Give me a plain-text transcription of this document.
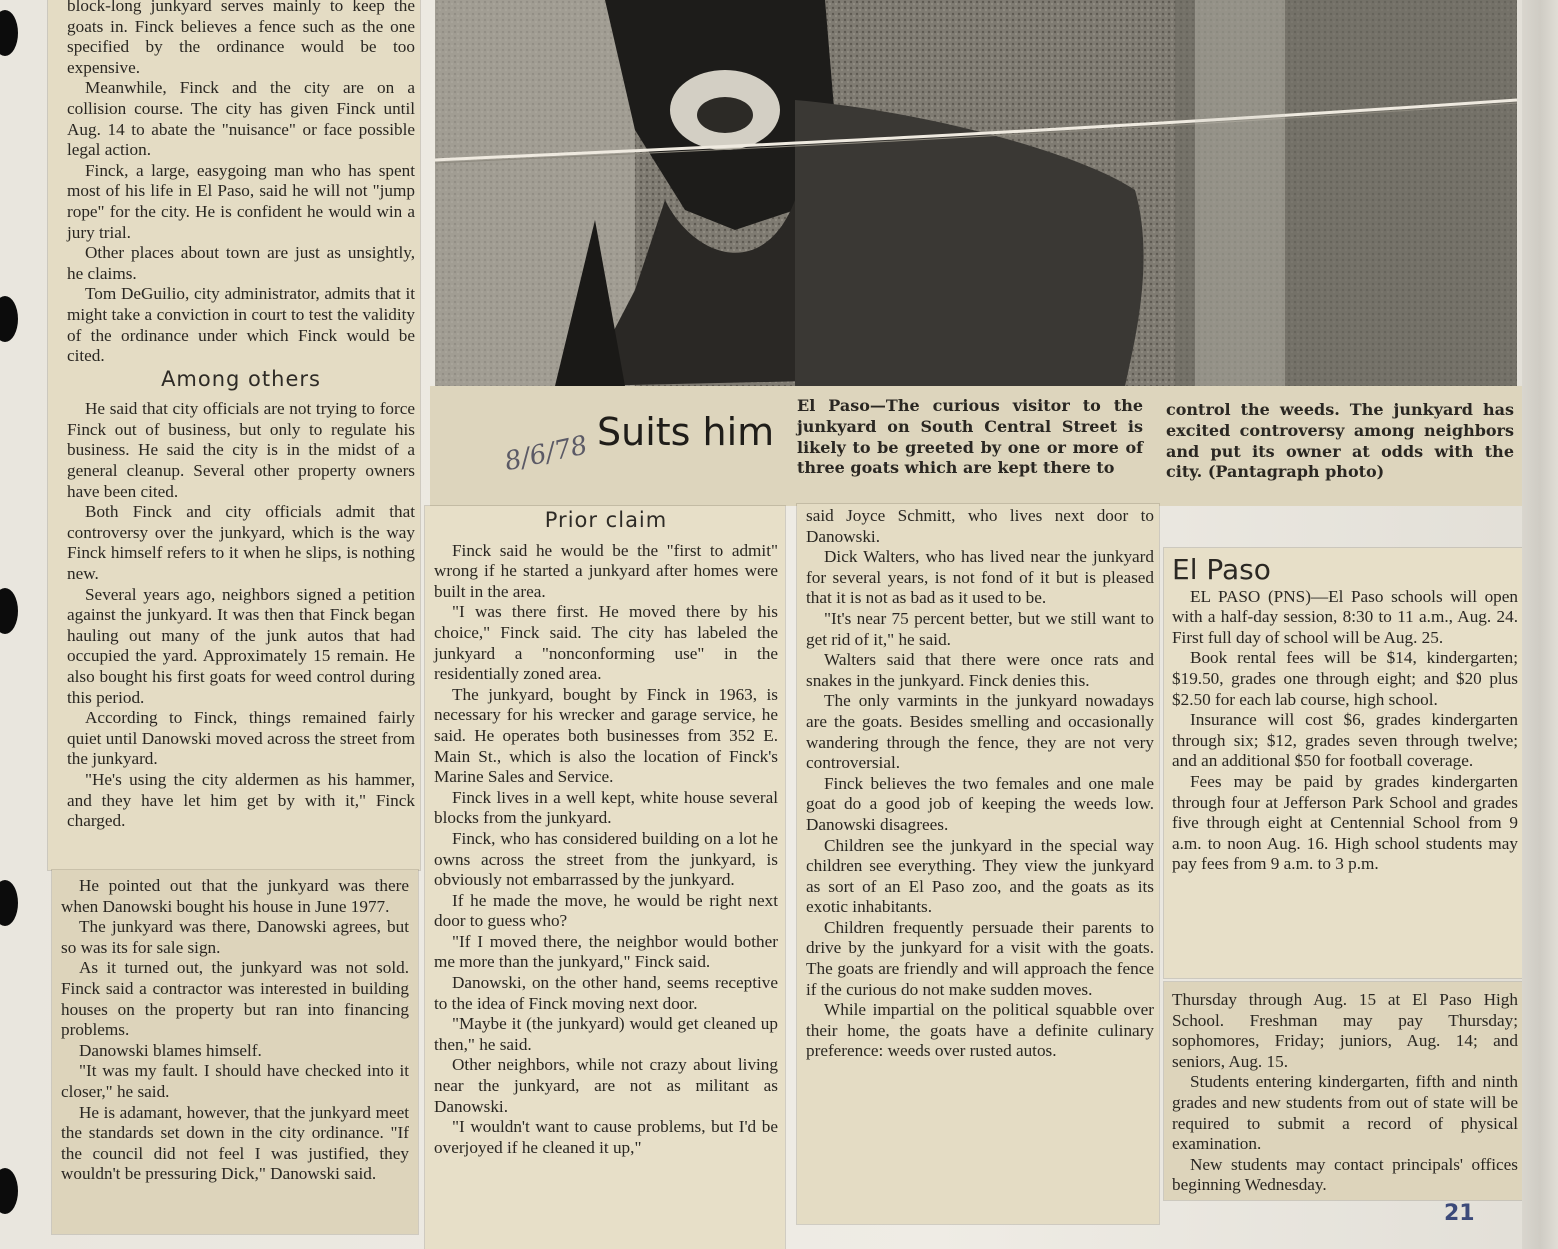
block-long junkyard serves mainly to keep the goats in. Finck believes a fence such as the one specified by the ordinance would be too expensive.

Meanwhile, Finck and the city are on a collision course. The city has given Finck until Aug. 14 to abate the "nuisance" or face possible legal action.

Finck, a large, easygoing man who has spent most of his life in El Paso, said he will not "jump rope" for the city. He is confident he would win a jury trial.

Other places about town are just as unsightly, he claims.

Tom DeGuilio, city administrator, admits that it might take a conviction in court to test the validity of the ordinance under which Finck would be cited.

Among others

He said that city officials are not trying to force Finck out of business, but only to regulate his business. He said the city is in the midst of a general cleanup. Several other property owners have been cited.

Both Finck and city officials admit that controversy over the junkyard, which is the way Finck himself refers to it when he slips, is nothing new.

Several years ago, neighbors signed a petition against the junkyard. It was then that Finck began hauling out many of the junk autos that had occupied the yard. Approximately 15 remain. He also bought his first goats for weed control during this period.

According to Finck, things remained fairly quiet until Danowski moved across the street from the junkyard.

"He's using the city aldermen as his hammer, and they have let him get by with it," Finck charged.

He pointed out that the junkyard was there when Danowski bought his house in June 1977.

The junkyard was there, Danowski agrees, but so was its for sale sign.

As it turned out, the junkyard was not sold. Finck said a contractor was interested in building houses on the property but ran into financing problems.

Danowski blames himself.

"It was my fault. I should have checked into it closer," he said.

He is adamant, however, that the junkyard meet the standards set down in the city ordinance. "If the council did not feel I was justified, they wouldn't be pressuring Dick," Danowski said.

8/6/78 Suits him
El Paso—The curious visitor to the junkyard on South Central Street is likely to be greeted by one or more of three goats which are kept there to
control the weeds. The junkyard has excited controversy among neighbors and put its owner at odds with the city. (Pantagraph photo)
Prior claim

Finck said he would be the "first to admit" wrong if he started a junkyard after homes were built in the area.

"I was there first. He moved there by his choice," Finck said. The city has labeled the junkyard a "nonconforming use" in the residentially zoned area.

The junkyard, bought by Finck in 1963, is necessary for his wrecker and garage service, he said. He operates both businesses from 352 E. Main St., which is also the location of Finck's Marine Sales and Service.

Finck lives in a well kept, white house several blocks from the junkyard.

Finck, who has considered building on a lot he owns across the street from the junkyard, is obviously not embarrassed by the junkyard.

If he made the move, he would be right next door to guess who?

"If I moved there, the neighbor would bother me more than the junkyard," Finck said.

Danowski, on the other hand, seems receptive to the idea of Finck moving next door.

"Maybe it (the junkyard) would get cleaned up then," he said.

Other neighbors, while not crazy about living near the junkyard, are not as militant as Danowski.

"I wouldn't want to cause problems, but I'd be overjoyed if he cleaned it up,"

said Joyce Schmitt, who lives next door to Danowski.

Dick Walters, who has lived near the junkyard for several years, is not fond of it but is pleased that it is not as bad as it used to be.

"It's near 75 percent better, but we still want to get rid of it," he said.

Walters said that there were once rats and snakes in the junkyard. Finck denies this.

The only varmints in the junkyard nowadays are the goats. Besides smelling and occasionally wandering through the fence, they are not very controversial.

Finck believes the two females and one male goat do a good job of keeping the weeds low. Danowski disagrees.

Children see the junkyard in the special way children see everything. They view the junkyard as sort of an El Paso zoo, and the goats as its exotic inhabitants.

Children frequently persuade their parents to drive by the junkyard for a visit with the goats. The goats are friendly and will approach the fence if the curious do not make sudden moves.

While impartial on the political squabble over their home, the goats have a definite culinary preference: weeds over rusted autos.

El Paso

EL PASO (PNS)—El Paso schools will open with a half-day session, 8:30 to 11 a.m., Aug. 24. First full day of school will be Aug. 25.

Book rental fees will be $14, kindergarten; $19.50, grades one through eight; and $20 plus $2.50 for each lab course, high school.

Insurance will cost $6, grades kindergarten through six; $12, grades seven through twelve; and an additional $50 for football coverage.

Fees may be paid by grades kindergarten through four at Jefferson Park School and grades five through eight at Centennial School from 9 a.m. to noon Aug. 16. High school students may pay fees from 9 a.m. to 3 p.m.

Thursday through Aug. 15 at El Paso High School. Freshman may pay Thursday; sophomores, Friday; juniors, Aug. 14; and seniors, Aug. 15.

Students entering kindergarten, fifth and ninth grades and new students from out of state will be required to submit a record of physical examination.

New students may contact principals' offices beginning Wednesday.

21
